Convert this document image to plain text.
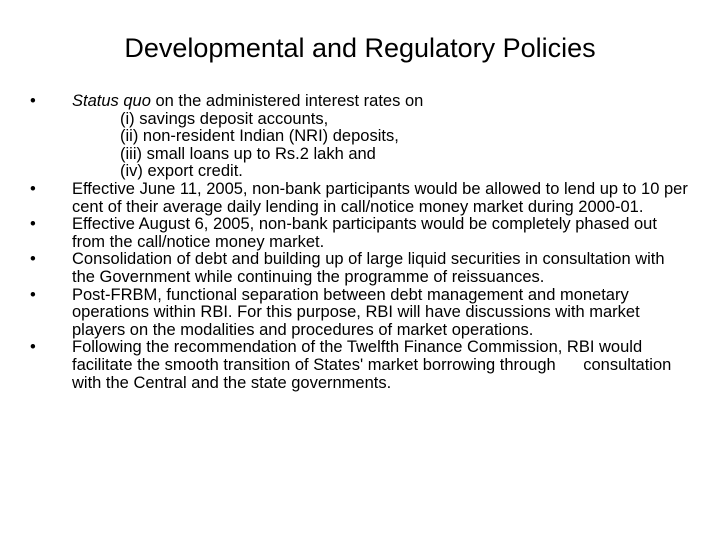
Developmental and Regulatory Policies
•	Status quo on the administered interest rates on
(i) savings deposit accounts,
(ii) non-resident Indian (NRI) deposits,
(iii) small loans up to Rs.2 lakh and
(iv) export credit.
•	Effective June 11, 2005, non-bank participants would be allowed to lend up to 10 per cent of their average daily lending in call/notice money market during 2000-01.
•	Effective August 6, 2005, non-bank participants would be completely phased out from the call/notice money market.
•	Consolidation of debt and building up of large liquid securities in consultation with the Government while continuing the programme of reissuances.
•	Post-FRBM, functional separation between debt management and monetary operations within RBI. For this purpose, RBI will have discussions with market players on the modalities and procedures of market operations.
•	Following the recommendation of the Twelfth Finance Commission, RBI would facilitate the smooth transition of States' market borrowing through consultation with the Central and the state governments.
